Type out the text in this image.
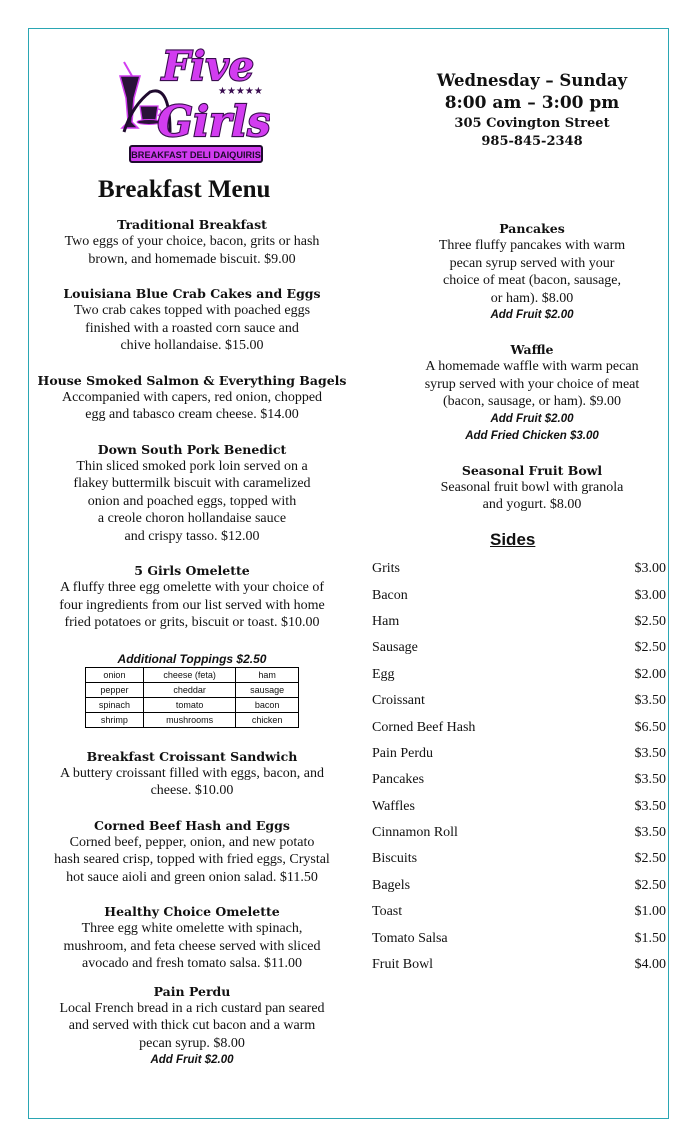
Five
★★★★★
Girls
BREAKFAST DELI DAIQUIRIS
Wednesday – Sunday
8:00 am – 3:00 pm
305 Covington Street
985-845-2348
Breakfast Menu
Traditional Breakfast
Two eggs of your choice, bacon, grits or hash
brown, and homemade biscuit. $9.00
Louisiana Blue Crab Cakes and Eggs
Two crab cakes topped with poached eggs
finished with a roasted corn sauce and
chive hollandaise. $15.00
House Smoked Salmon & Everything Bagels
Accompanied with capers, red onion, chopped
egg and tabasco cream cheese. $14.00
Down South Pork Benedict
Thin sliced smoked pork loin served on a
flakey buttermilk biscuit with caramelized
onion and poached eggs, topped with
a creole choron hollandaise sauce
and crispy tasso. $12.00
5 Girls Omelette
A fluffy three egg omelette with your choice of
four ingredients from our list served with home
fried potatoes or grits, biscuit or toast. $10.00
Additional Toppings $2.50
onion	cheese (feta)	ham
pepper	cheddar	sausage
spinach	tomato	bacon
shrimp	mushrooms	chicken
Breakfast Croissant Sandwich
A buttery croissant filled with eggs, bacon, and
cheese. $10.00
Corned Beef Hash and Eggs
Corned beef, pepper, onion, and new potato
hash seared crisp, topped with fried eggs, Crystal
hot sauce aioli and green onion salad. $11.50
Healthy Choice Omelette
Three egg white omelette with spinach,
mushroom, and feta cheese served with sliced
avocado and fresh tomato salsa. $11.00
Pain Perdu
Local French bread in a rich custard pan seared
and served with thick cut bacon and a warm
pecan syrup. $8.00
Add Fruit $2.00
Pancakes
Three fluffy pancakes with warm
pecan syrup served with your
choice of meat (bacon, sausage,
or ham). $8.00
Add Fruit $2.00
Waffle
A homemade waffle with warm pecan
syrup served with your choice of meat
(bacon, sausage, or ham). $9.00
Add Fruit $2.00
Add Fried Chicken $3.00
Seasonal Fruit Bowl
Seasonal fruit bowl with granola
and yogurt. $8.00
Sides
Grits	$3.00
Bacon	$3.00
Ham	$2.50
Sausage	$2.50
Egg	$2.00
Croissant	$3.50
Corned Beef Hash	$6.50
Pain Perdu	$3.50
Pancakes	$3.50
Waffles	$3.50
Cinnamon Roll	$3.50
Biscuits	$2.50
Bagels	$2.50
Toast	$1.00
Tomato Salsa	$1.50
Fruit Bowl	$4.00
